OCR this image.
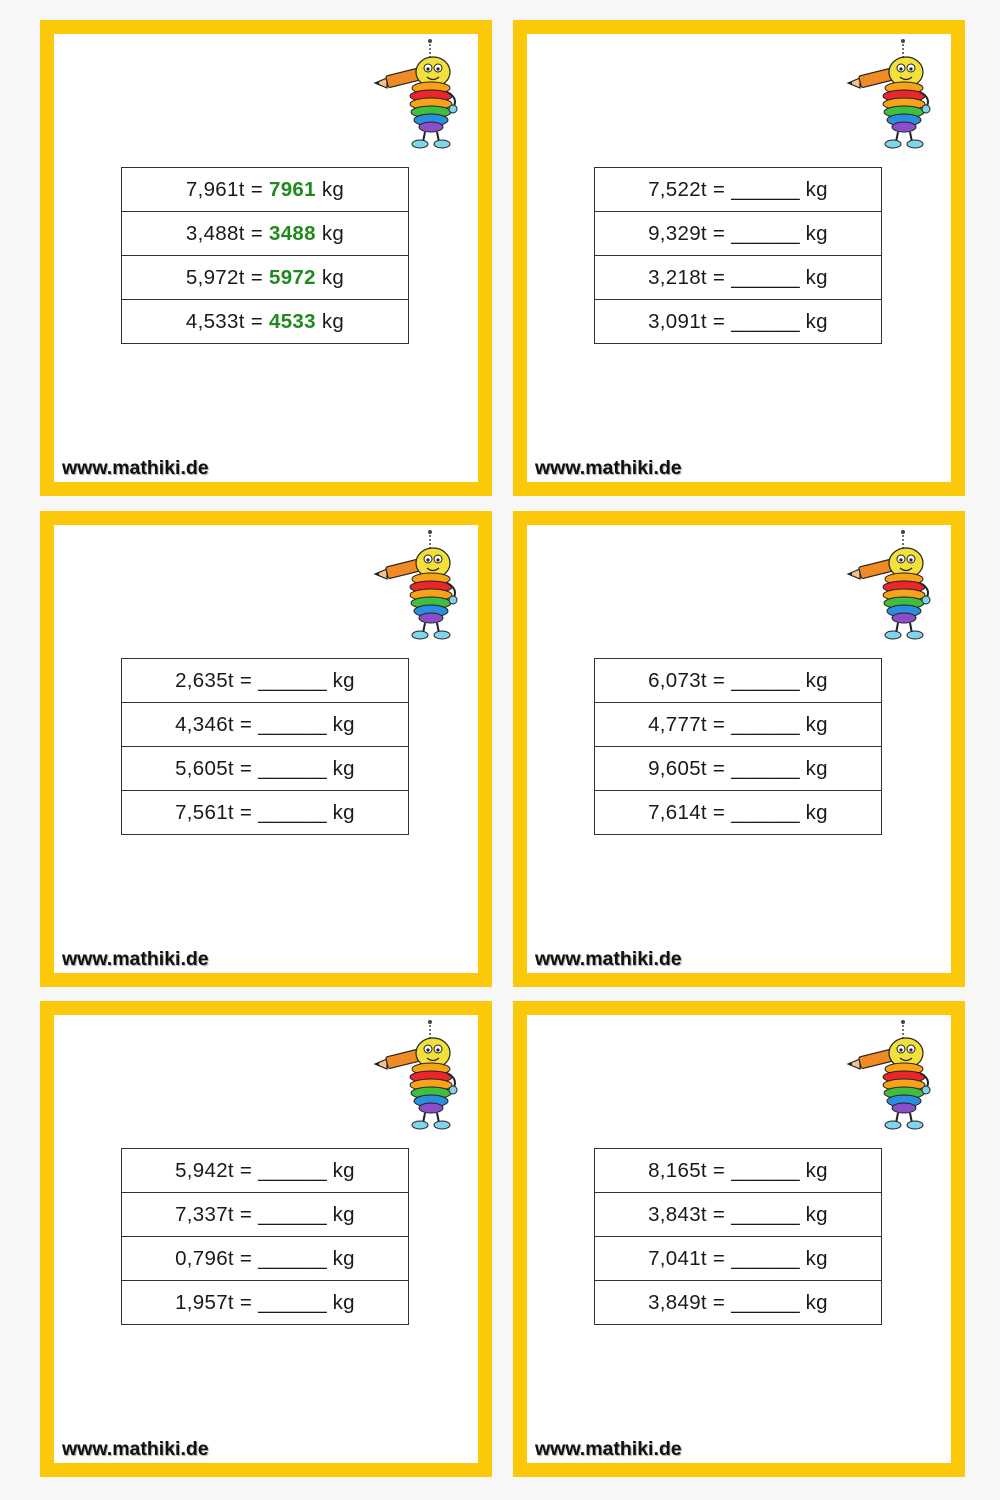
7,961t = 7961 kg
3,488t = 3488 kg
5,972t = 5972 kg
4,533t = 4533 kg
www.mathiki.de
7,522t = ______ kg
9,329t = ______ kg
3,218t = ______ kg
3,091t = ______ kg
www.mathiki.de
2,635t = ______ kg
4,346t = ______ kg
5,605t = ______ kg
7,561t = ______ kg
www.mathiki.de
6,073t = ______ kg
4,777t = ______ kg
9,605t = ______ kg
7,614t = ______ kg
www.mathiki.de
5,942t = ______ kg
7,337t = ______ kg
0,796t = ______ kg
1,957t = ______ kg
www.mathiki.de
8,165t = ______ kg
3,843t = ______ kg
7,041t = ______ kg
3,849t = ______ kg
www.mathiki.de
